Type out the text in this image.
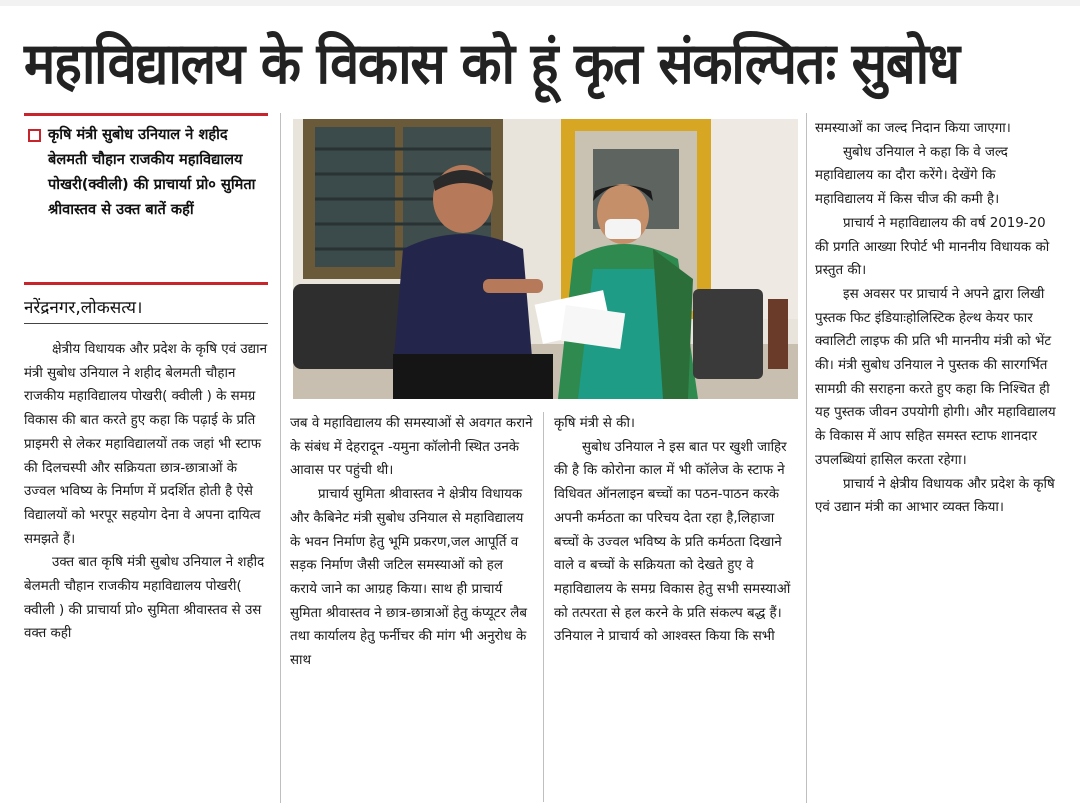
महाविद्यालय के विकास को हूं कृत संकल्पितः सुबोध
कृषि मंत्री सुबोध उनियाल ने शहीद बेलमती चौहान राजकीय महाविद्यालय पोखरी(क्वीली) की प्राचार्या प्रो० सुमिता श्रीवास्तव से उक्त बातें कहीं
नरेंद्रनगर,लोकसत्य।

क्षेत्रीय विधायक और प्रदेश के कृषि एवं उद्यान मंत्री सुबोध उनियाल ने शहीद बेलमती चौहान राजकीय महाविद्यालय पोखरी( क्वीली ) के समग्र विकास की बात करते हुए कहा कि पढ़ाई के प्रति प्राइमरी से लेकर महाविद्यालयों तक जहां भी स्टाफ की दिलचस्पी और सक्रियता छात्र-छात्राओं के उज्वल भविष्य के निर्माण में प्रदर्शित होती है ऐसे विद्यालयों को भरपूर सहयोग देना वे अपना दायित्व समझते हैं।

उक्त बात कृषि मंत्री सुबोध उनियाल ने शहीद बेलमती चौहान राजकीय महाविद्यालय पोखरी( क्वीली ) की प्राचार्या प्रो० सुमिता श्रीवास्तव से उस वक्त कही

जब वे महाविद्यालय की समस्याओं से अवगत कराने के संबंध में देहरादून -यमुना कॉलोनी स्थित उनके आवास पर पहुंची थी।

प्राचार्य सुमिता श्रीवास्तव ने क्षेत्रीय विधायक और कैबिनेट मंत्री सुबोध उनियाल से महाविद्यालय के भवन निर्माण हेतु भूमि प्रकरण,जल आपूर्ति व सड़क निर्माण जैसी जटिल समस्याओं को हल कराये जाने का आग्रह किया। साथ ही प्राचार्य सुमिता श्रीवास्तव ने छात्र-छात्राओं हेतु कंप्यूटर लैब तथा कार्यालय हेतु फर्नीचर की मांग भी अनुरोध के साथ

कृषि मंत्री से की।

सुबोध उनियाल ने इस बात पर खुशी जाहिर की है कि कोरोना काल में भी कॉलेज के स्टाफ ने विधिवत ऑनलाइन बच्चों का पठन-पाठन करके अपनी कर्मठता का परिचय देता रहा है,लिहाजा बच्चों के उज्वल भविष्य के प्रति कर्मठता दिखाने वाले व बच्चों के सक्रियता को देखते हुए वे महाविद्यालय के समग्र विकास हेतु सभी समस्याओं को तत्परता से हल करने के प्रति संकल्प बद्ध हैं। उनियाल ने प्राचार्य को आश्वस्त किया कि सभी

समस्याओं का जल्द निदान किया जाएगा।

सुबोध उनियाल ने कहा कि वे जल्द महाविद्यालय का दौरा करेंगे। देखेंगे कि महाविद्यालय में किस चीज की कमी है।

प्राचार्य ने महाविद्यालय की वर्ष 2019-20 की प्रगति आख्या रिपोर्ट भी माननीय विधायक को प्रस्तुत की।

इस अवसर पर प्राचार्य ने अपने द्वारा लिखी पुस्तक फिट इंडियाःहोलिस्टिक हेल्थ केयर फार क्वालिटी लाइफ की प्रति भी माननीय मंत्री को भेंट की। मंत्री सुबोध उनियाल ने पुस्तक की सारगर्भित सामग्री की सराहना करते हुए कहा कि निश्चित ही यह पुस्तक जीवन उपयोगी होगी। और महाविद्यालय के विकास में आप सहित समस्त स्टाफ शानदार उपलब्धियां हासिल करता रहेगा।

प्राचार्य ने क्षेत्रीय विधायक और प्रदेश के कृषि एवं उद्यान मंत्री का आभार व्यक्त किया।
